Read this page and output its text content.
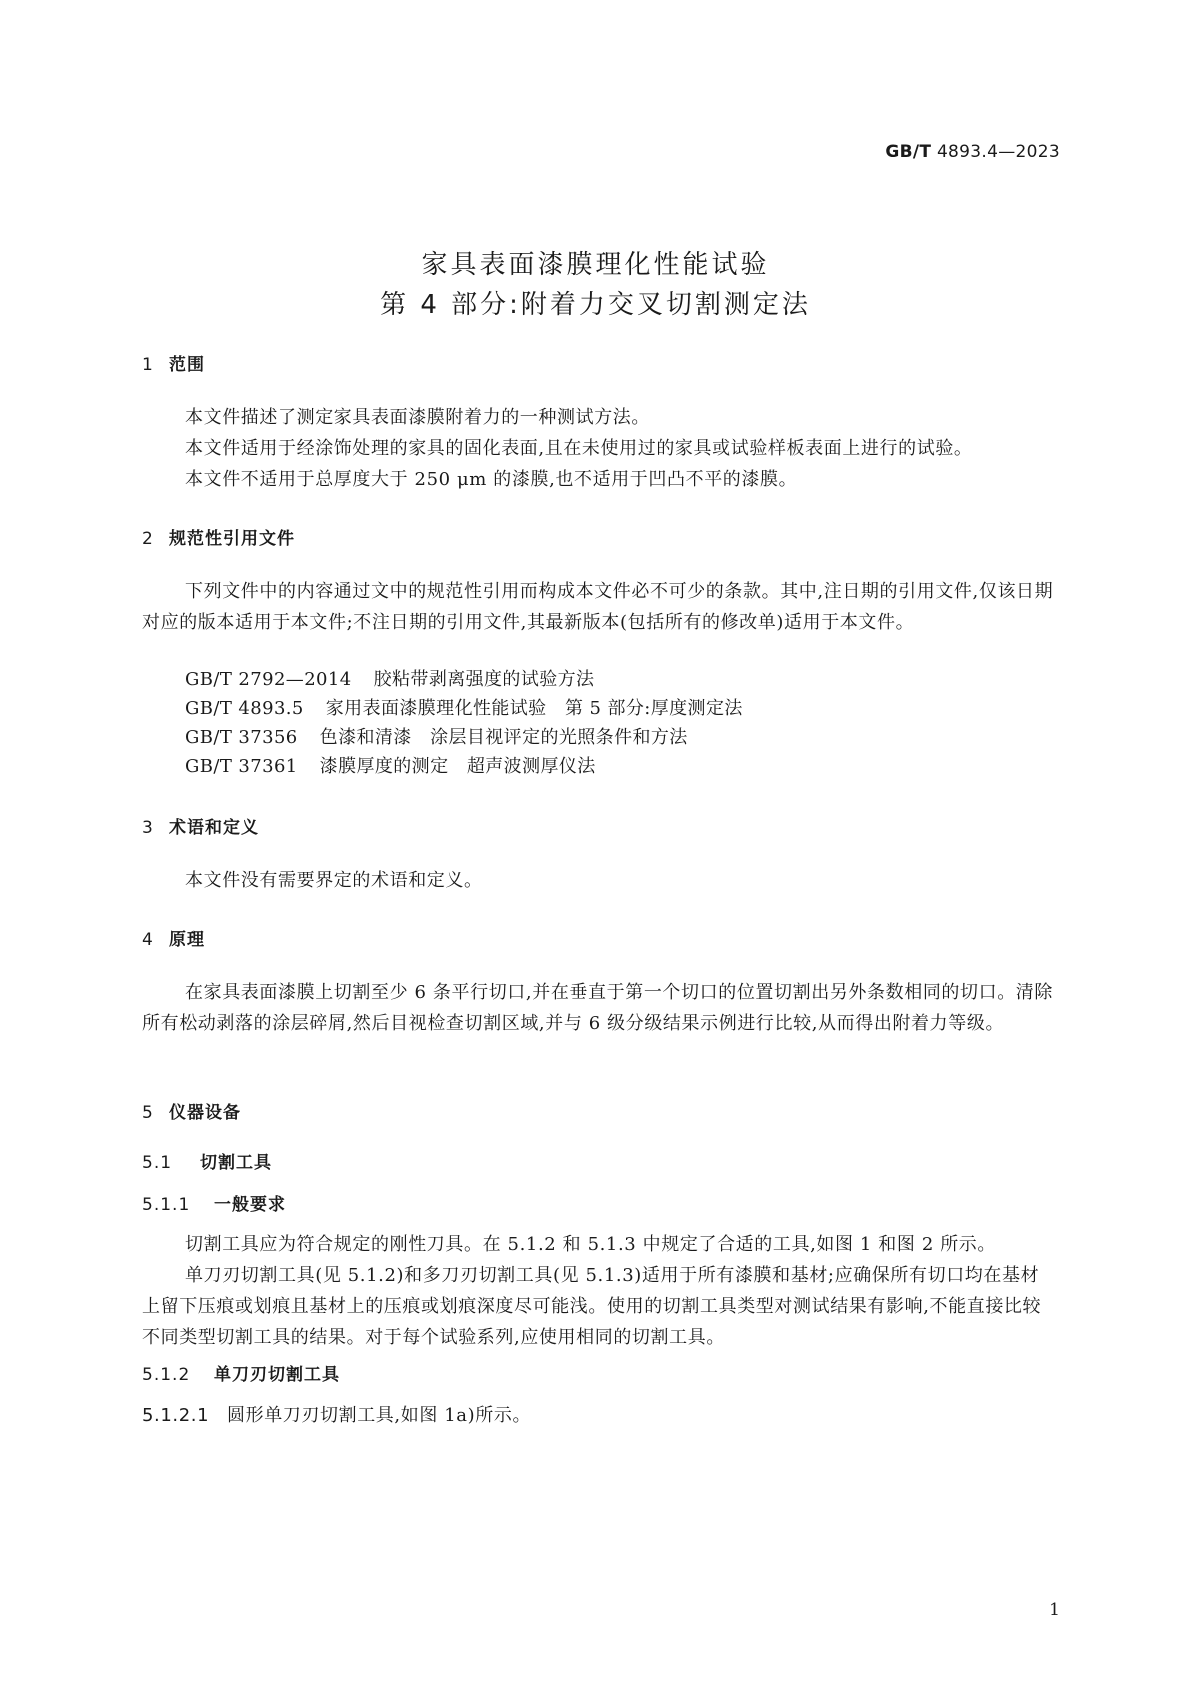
GB/T 4893.4—2023
家具表面漆膜理化性能试验
第 4 部分:附着力交叉切割测定法
1 范围
本文件描述了测定家具表面漆膜附着力的一种测试方法。
本文件适用于经涂饰处理的家具的固化表面,且在未使用过的家具或试验样板表面上进行的试验。
本文件不适用于总厚度大于 250 μm 的漆膜,也不适用于凹凸不平的漆膜。
2 规范性引用文件
下列文件中的内容通过文中的规范性引用而构成本文件必不可少的条款。其中,注日期的引用文件,仅该日期对应的版本适用于本文件;不注日期的引用文件,其最新版本(包括所有的修改单)适用于本文件。
GB/T 2792—2014 胶粘带剥离强度的试验方法
GB/T 4893.5 家用表面漆膜理化性能试验　第 5 部分:厚度测定法
GB/T 37356 色漆和清漆　涂层目视评定的光照条件和方法
GB/T 37361 漆膜厚度的测定　超声波测厚仪法
3 术语和定义
本文件没有需要界定的术语和定义。
4 原理
在家具表面漆膜上切割至少 6 条平行切口,并在垂直于第一个切口的位置切割出另外条数相同的切口。清除所有松动剥落的涂层碎屑,然后目视检查切割区域,并与 6 级分级结果示例进行比较,从而得出附着力等级。
5 仪器设备
5.1 切割工具
5.1.1 一般要求
切割工具应为符合规定的刚性刀具。在 5.1.2 和 5.1.3 中规定了合适的工具,如图 1 和图 2 所示。
单刀刃切割工具(见 5.1.2)和多刀刃切割工具(见 5.1.3)适用于所有漆膜和基材;应确保所有切口均在基材上留下压痕或划痕且基材上的压痕或划痕深度尽可能浅。使用的切割工具类型对测试结果有影响,不能直接比较不同类型切割工具的结果。对于每个试验系列,应使用相同的切割工具。
5.1.2 单刀刃切割工具
5.1.2.1 圆形单刀刃切割工具,如图 1a)所示。
1
